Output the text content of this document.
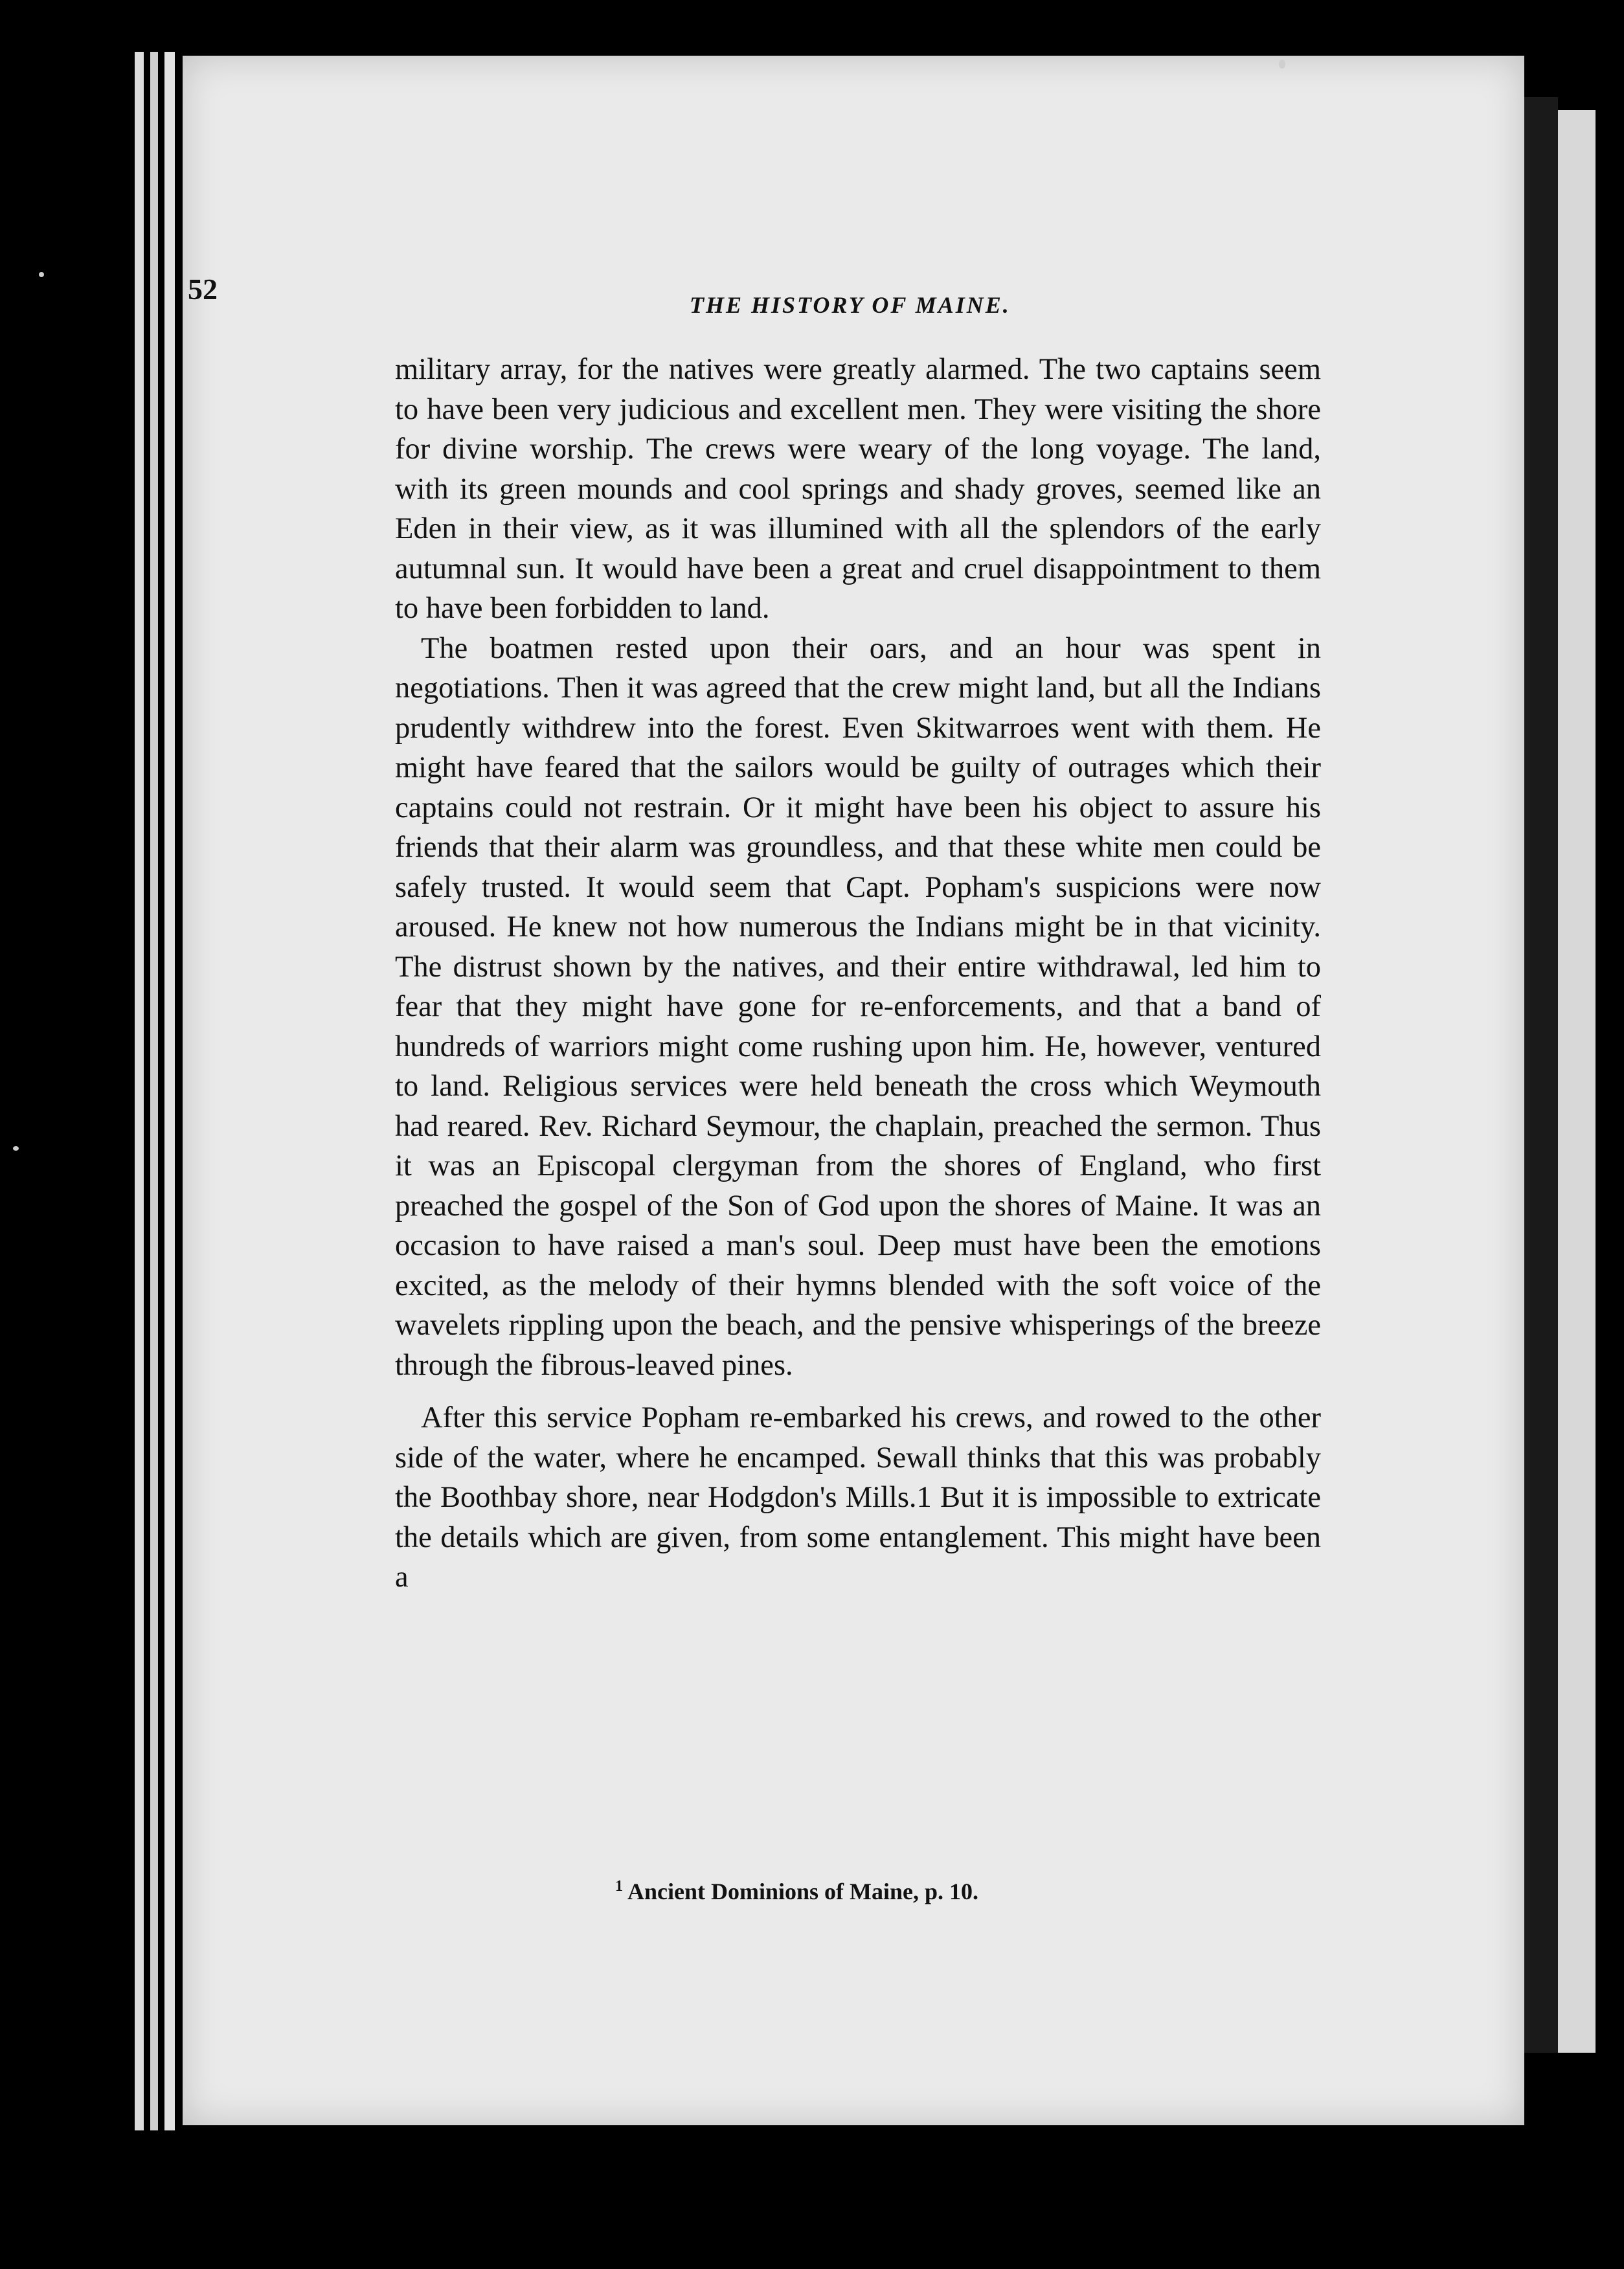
52	THE HISTORY OF MAINE.

military array, for the natives were greatly alarmed. The two captains seem to have been very judicious and excellent men. They were visiting the shore for divine worship. The crews were weary of the long voyage. The land, with its green mounds and cool springs and shady groves, seemed like an Eden in their view, as it was illumined with all the splendors of the early autumnal sun. It would have been a great and cruel disappointment to them to have been forbidden to land.

The boatmen rested upon their oars, and an hour was spent in negotiations. Then it was agreed that the crew might land, but all the Indians prudently withdrew into the forest. Even Skitwarroes went with them. He might have feared that the sailors would be guilty of outrages which their captains could not restrain. Or it might have been his object to assure his friends that their alarm was groundless, and that these white men could be safely trusted. It would seem that Capt. Popham's suspicions were now aroused. He knew not how numerous the Indians might be in that vicinity. The distrust shown by the natives, and their entire withdrawal, led him to fear that they might have gone for re-enforcements, and that a band of hundreds of warriors might come rushing upon him. He, however, ventured to land. Religious services were held beneath the cross which Weymouth had reared. Rev. Richard Seymour, the chaplain, preached the sermon. Thus it was an Episcopal clergyman from the shores of England, who first preached the gospel of the Son of God upon the shores of Maine. It was an occasion to have raised a man's soul. Deep must have been the emotions excited, as the melody of their hymns blended with the soft voice of the wavelets rippling upon the beach, and the pensive whisperings of the breeze through the fibrous-leaved pines.

After this service Popham re-embarked his crews, and rowed to the other side of the water, where he encamped. Sewall thinks that this was probably the Boothbay shore, near Hodgdon's Mills.1 But it is impossible to extricate the details which are given, from some entanglement. This might have been a

$^1$ Ancient Dominions of Maine, p. 10.
